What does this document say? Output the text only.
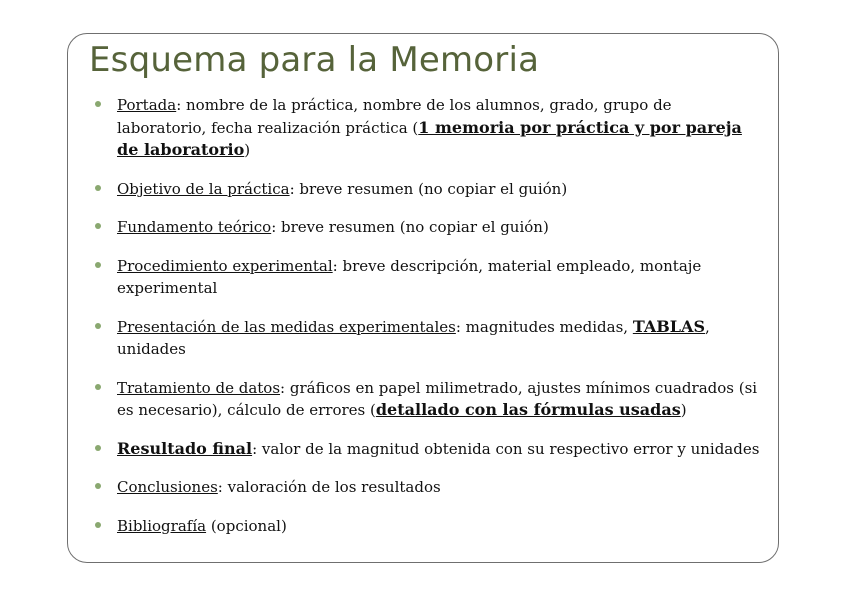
Esquema para la Memoria
Portada: nombre de la práctica, nombre de los alumnos, grado, grupo de laboratorio, fecha realización práctica (1 memoria por práctica y por pareja de laboratorio)
Objetivo de la práctica: breve resumen (no copiar el guión)
Fundamento teórico: breve resumen (no copiar el guión)
Procedimiento experimental: breve descripción, material empleado, montaje experimental
Presentación de las medidas experimentales: magnitudes medidas, TABLAS, unidades
Tratamiento de datos: gráficos en papel milimetrado, ajustes mínimos cuadrados (si es necesario), cálculo de errores (detallado con las fórmulas usadas)
Resultado final: valor de la magnitud obtenida con su respectivo error y unidades
Conclusiones: valoración de los resultados
Bibliografía (opcional)
